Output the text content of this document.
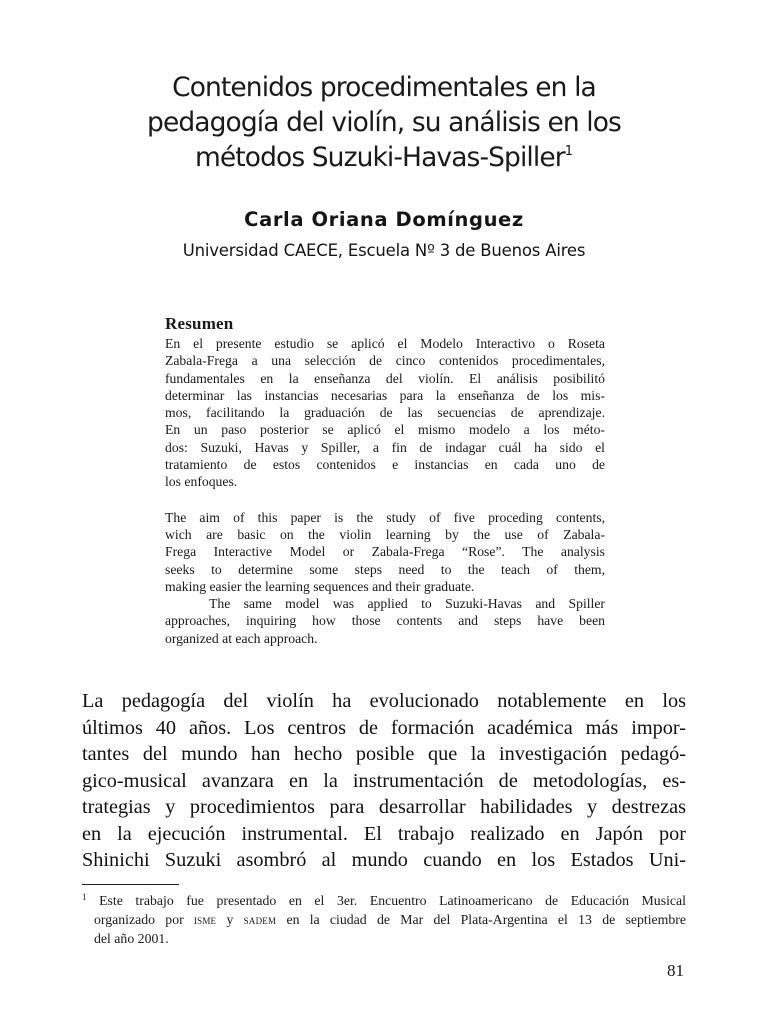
Contenidos procedimentales en la
pedagogía del violín, su análisis en los
métodos Suzuki-Havas-Spiller$^1$
Carla Oriana Domínguez
Universidad CAECE, Escuela Nº 3 de Buenos Aires
Resumen
En el presente estudio se aplicó el Modelo Interactivo o Roseta
Zabala-Frega a una selección de cinco contenidos procedimentales,
fundamentales en la enseñanza del violín. El análisis posibilitó
determinar las instancias necesarias para la enseñanza de los mis-
mos, facilitando la graduación de las secuencias de aprendizaje.
En un paso posterior se aplicó el mismo modelo a los méto-
dos: Suzuki, Havas y Spiller, a fin de indagar cuál ha sido el
tratamiento de estos contenidos e instancias en cada uno de
los enfoques.
The aim of this paper is the study of five proceding contents,
wich are basic on the violin learning by the use of Zabala-
Frega Interactive Model or Zabala-Frega “Rose”. The analysis
seeks to determine some steps need to the teach of them,
making easier the learning sequences and their graduate.
The same model was applied to Suzuki-Havas and Spiller
approaches, inquiring how those contents and steps have been
organized at each approach.
La pedagogía del violín ha evolucionado notablemente en los
últimos 40 años. Los centros de formación académica más impor-
tantes del mundo han hecho posible que la investigación pedagó-
gico-musical avanzara en la instrumentación de metodologías, es-
trategias y procedimientos para desarrollar habilidades y destrezas
en la ejecución instrumental. El trabajo realizado en Japón por
Shinichi Suzuki asombró al mundo cuando en los Estados Uni-
$^1$ Este trabajo fue presentado en el 3er. Encuentro Latinoamericano de Educación Musical
organizado por ISME y SADEM en la ciudad de Mar del Plata-Argentina el 13 de septiembre
del año 2001.
81
